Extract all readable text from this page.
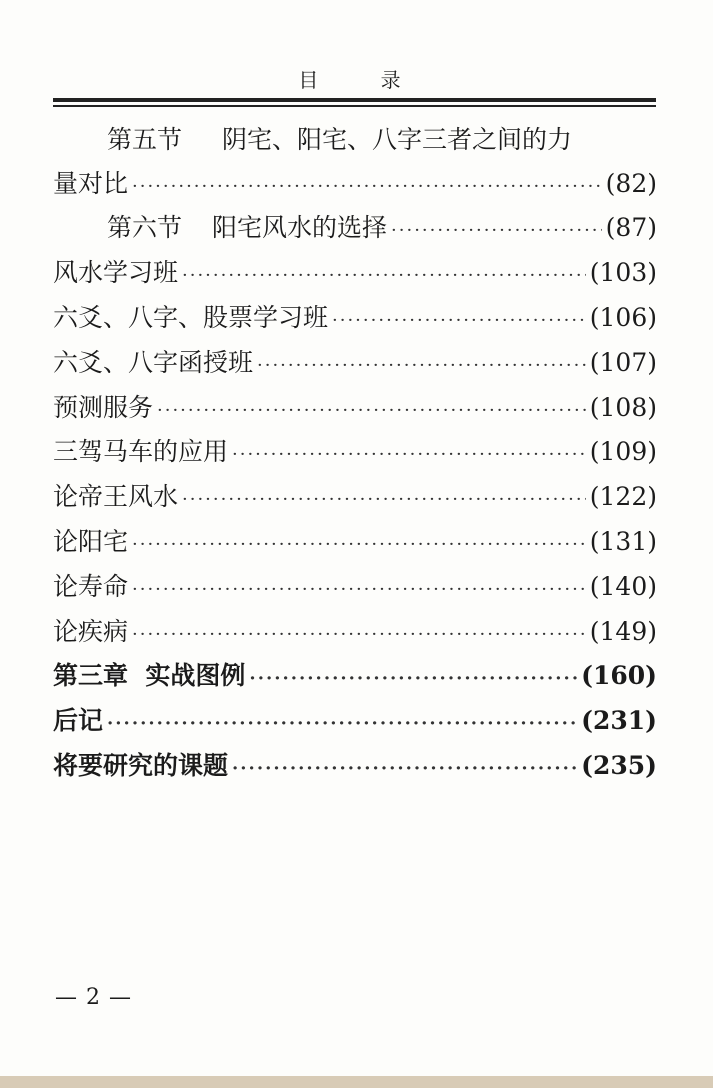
目 录
第五节 阴宅、阳宅、八字三者之间的力
量对比 ·····	(82)
第六节 阳宅风水的选择 ·····	(87)
风水学习班 ·····	(103)
六爻、八字、股票学习班 ·····	(106)
六爻、八字函授班 ·····	(107)
预测服务 ·····	(108)
三驾马车的应用 ·····	(109)
论帝王风水 ·····	(122)
论阳宅 ·····	(131)
论寿命 ·····	(140)
论疾病 ·····	(149)
第三章  实战图例 ·····	(160)
后记 ·····	(231)
将要研究的课题 ·····	(235)
— 2 —
